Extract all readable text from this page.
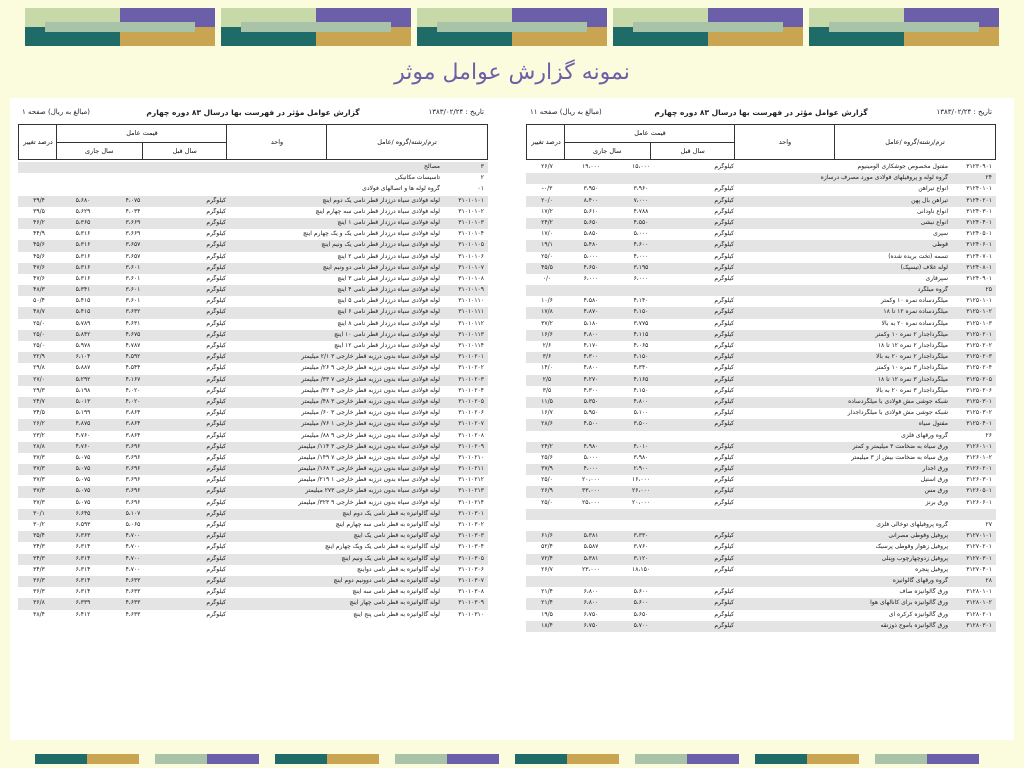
نمونه گزارش عوامل موثر
تاریخ : ۱۳۸۳/۰۲/۲۴
گزارش عوامل مؤثر در فهرست بها درسال ۸۳ دوره چهارم
(مبالغ به ریال) صفحه ۱
ترم/رشته/گروه /عامل
واحد
قیمت عامل
سال قبل
سال جاری
درصد تغییر
۳
مصالح
۲
تاسیسات مکانیکی
۰۱
گروه لوله ها و اتصالهای فولادی
۳۱۰۱۰۱۰۱
لوله فولادی سیاه درزدار قطر نامی یک دوم اینچ
کیلوگرم
۴،۰۷۵
۵،۶۸۰
۳۹/۴
۳۱۰۱۰۱۰۲
لوله فولادی سیاه درزدار قطر نامی سه چهارم اینچ
کیلوگرم
۴،۰۳۴
۵،۶۲۹
۳۹/۵
۳۱۰۱۰۱۰۳
لوله فولادی سیاه درزدار قطر نامی ۱ اینچ
کیلوگرم
۳،۶۶۹
۵،۳۶۵
۴۶/۲
۳۱۰۱۰۱۰۴
لوله فولادی سیاه درزدار قطر نامی یک و یک چهارم اینچ
کیلوگرم
۳،۶۶۹
۵،۳۱۶
۴۴/۹
۳۱۰۱۰۱۰۵
لوله فولادی سیاه درزدار قطر نامی یک ونیم اینچ
کیلوگرم
۳،۶۵۷
۵،۳۱۶
۴۵/۶
۳۱۰۱۰۱۰۶
لوله فولادی سیاه درزدار قطر نامی ۲ اینچ
کیلوگرم
۳،۶۵۷
۵،۳۱۶
۴۵/۶
۳۱۰۱۰۱۰۷
لوله فولادی سیاه درزدار قطر نامی دو ونیم اینچ
کیلوگرم
۳،۶۰۱
۵،۳۱۶
۴۷/۶
۳۱۰۱۰۱۰۸
لوله فولادی سیاه درزدار قطر نامی ۳ اینچ
کیلوگرم
۳،۶۰۱
۵،۳۱۶
۴۷/۶
۳۱۰۱۰۱۰۹
لوله فولادی سیاه درزدار قطر نامی ۴ اینچ
کیلوگرم
۳،۶۰۱
۵،۳۴۱
۴۸/۳
۳۱۰۱۰۱۱۰
لوله فولادی سیاه درزدار قطر نامی ۵ اینچ
کیلوگرم
۳،۶۰۱
۵،۴۱۵
۵۰/۴
۳۱۰۱۰۱۱۱
لوله فولادی سیاه درزدار قطر نامی ۶ اینچ
کیلوگرم
۳،۶۳۲
۵،۴۱۵
۴۸/۷
۳۱۰۱۰۱۱۲
لوله فولادی سیاه درزدار قطر نامی ۸ اینچ
کیلوگرم
۴،۶۳۱
۵،۷۸۹
۲۵/۰
۳۱۰۱۰۱۱۳
لوله فولادی سیاه درزدار قطر نامی ۱۰ اینچ
کیلوگرم
۴،۶۷۵
۵،۸۴۲
۲۵/۰
۳۱۰۱۰۱۱۴
لوله فولادی سیاه درزدار قطر نامی ۱۲ اینچ
کیلوگرم
۴،۷۸۷
۵،۹۷۸
۲۵/۰
۳۱۰۱۰۲۰۱
لوله فولادی سیاه بدون درزبه قطر خارجی ۳ ۲/۱ میلیمتر
کیلوگرم
۴،۵۹۲
۶،۱۰۴
۳۲/۹
۳۱۰۱۰۲۰۲
لوله فولادی سیاه بدون درزبه قطر خارجی ۹ ۲۶/ میلیمتر
کیلوگرم
۴،۵۴۴
۵،۸۸۷
۲۹/۸
۳۱۰۱۰۲۰۳
لوله فولادی سیاه بدون درزبه قطر خارجی ۷ ۳۳/ میلیمتر
کیلوگرم
۴،۱۶۷
۵،۲۹۲
۲۷/۰
۳۱۰۱۰۲۰۴
لوله فولادی سیاه بدون درزبه قطر خارجی ۴ ۴۲/ میلیمتر
کیلوگرم
۴،۰۲۰
۵،۱۹۸
۲۹/۳
۳۱۰۱۰۲۰۵
لوله فولادی سیاه بدون درزبه قطر خارجی ۳ ۴۸/ میلیمتر
کیلوگرم
۴،۰۲۰
۵،۰۱۳
۲۴/۷
۳۱۰۱۰۲۰۶
لوله فولادی سیاه بدون درزبه قطر خارجی ۳ ۶۰/ میلیمتر
کیلوگرم
۳،۸۶۴
۵،۱۹۹
۳۴/۵
۳۱۰۱۰۲۰۷
لوله فولادی سیاه بدون درزبه قطر خارجی ۱ ۷۶/ میلیمتر
کیلوگرم
۳،۸۶۴
۴،۸۷۵
۲۶/۲
۳۱۰۱۰۲۰۸
لوله فولادی سیاه بدون درزبه قطر خارجی ۹ ۸۸/ میلیمتر
کیلوگرم
۳،۸۶۴
۴،۷۶۰
۲۳/۲
۳۱۰۱۰۲۰۹
لوله فولادی سیاه بدون درزبه قطر خارجی ۳ ۱۱۴/ میلیمتر
کیلوگرم
۳،۶۹۶
۴،۷۶۰
۲۸/۸
۳۱۰۱۰۲۱۰
لوله فولادی سیاه بدون درزبه قطر خارجی ۷ ۱۴۹/ میلیمتر
کیلوگرم
۳،۶۹۶
۵،۰۷۵
۳۷/۳
۳۱۰۱۰۲۱۱
لوله فولادی سیاه بدون درزبه قطر خارجی ۳ ۱۶۸/ میلیمتر
کیلوگرم
۳،۶۹۶
۵،۰۷۵
۳۷/۳
۳۱۰۱۰۲۱۲
لوله فولادی سیاه بدون درزبه قطر خارجی ۱ ۲۱۹/ میلیمتر
کیلوگرم
۳،۶۹۶
۵،۰۷۵
۳۷/۳
۳۱۰۱۰۲۱۳
لوله فولادی سیاه بدون درزبه قطر خارجی ۲۷۳ میلیمتر
کیلوگرم
۳،۶۹۶
۵،۰۷۵
۳۷/۳
۳۱۰۱۰۲۱۴
لوله فولادی سیاه بدون درزبه قطر خارجی ۹ ۳۲۳/ میلیمتر
کیلوگرم
۳،۶۹۶
۵،۰۷۵
۳۷/۳
۳۱۰۱۰۳۰۱
لوله گالوانیزه به قطر نامی یک دوم اینچ
کیلوگرم
۵،۱۰۷
۶،۶۴۵
۳۰/۱
۳۱۰۱۰۳۰۲
لوله گالوانیزه به قطر نامی سه چهارم اینچ
کیلوگرم
۵،۰۶۵
۶،۵۹۳
۳۰/۲
۳۱۰۱۰۳۰۳
لوله گالوانیزه به قطر نامی یک اینچ
کیلوگرم
۴،۷۰۰
۶،۳۶۳
۳۵/۴
۳۱۰۱۰۳۰۴
لوله گالوانیزه به قطر نامی یک ویک چهارم اینچ
کیلوگرم
۴،۷۰۰
۶،۳۱۴
۳۴/۳
۳۱۰۱۰۳۰۵
لوله گالوانیزه به قطر نامی یک ونیم اینچ
کیلوگرم
۴،۷۰۰
۶،۳۱۴
۳۴/۳
۳۱۰۱۰۳۰۶
لوله گالوانیزه به قطر نامی دواینچ
کیلوگرم
۴،۷۰۰
۶،۳۱۴
۳۴/۳
۳۱۰۱۰۳۰۷
لوله گالوانیزه به قطر نامی دوونیم دوم اینچ
کیلوگرم
۴،۶۳۳
۶،۳۱۴
۳۶/۳
۳۱۰۱۰۳۰۸
لوله گالوانیزه به قطر نامی سه اینچ
کیلوگرم
۴،۶۳۳
۶،۳۱۴
۳۶/۳
۳۱۰۱۰۳۰۹
لوله گالوانیزه به قطر نامی چهار اینچ
کیلوگرم
۴،۶۳۳
۶،۳۳۹
۳۶/۸
۳۱۰۱۰۳۱۰
لوله گالوانیزه به قطر نامی پنج اینچ
کیلوگرم
۴،۶۳۳
۶،۴۱۲
۳۸/۴
تاریخ : ۱۳۸۳/۰۲/۲۴
گزارش عوامل مؤثر در فهرست بها درسال ۸۳ دوره چهارم
(مبالغ به ریال) صفحه ۱۱
ترم/رشته/گروه /عامل
واحد
قیمت عامل
سال قبل
سال جاری
درصد تغییر
۳۱۲۳۰۹۰۱
مفتول مخصوص جوشکاری آلومینیوم
کیلوگرم
۱۵،۰۰۰
۱۹،۰۰۰
۲۶/۷
۲۴
گروه لوله و پروفیلهای فولادی مورد مصرف درسازه
۳۱۲۴۰۱۰۱
انواع تیرآهن
کیلوگرم
۳،۹۶۰
۳،۹۵۰
۰/۳-
۳۱۲۴۰۲۰۱
تیرآهن بال پهن
کیلوگرم
۷،۰۰۰
۸،۴۰۰
۲۰/۰
۳۱۲۴۰۳۰۱
انواع ناودانی
کیلوگرم
۴،۷۸۸
۵،۶۱۰
۱۷/۲
۳۱۲۴۰۴۰۱
انواع نبشی
کیلوگرم
۴،۵۵۰
۵،۶۵۰
۲۴/۲
۳۱۲۴۰۵۰۱
سپری
کیلوگرم
۵،۰۰۰
۵،۸۵۰
۱۷/۰
۳۱۲۴۰۶۰۱
قوطی
کیلوگرم
۴،۶۰۰
۵،۴۸۰
۱۹/۱
۳۱۲۴۰۷۰۱
تسمه (تخت بریده شده)
کیلوگرم
۴،۰۰۰
۵،۰۰۰
۲۵/۰
۳۱۲۴۰۸۰۱
لوله غلاف (تیسپک)
کیلوگرم
۳،۱۹۵
۴،۶۵۰
۴۵/۵
۳۱۲۴۰۹۰۱
سپرقاری
کیلوگرم
۶،۰۰۰
۶،۰۰۰
۰/۰
۲۵
گروه میلگرد
۳۱۲۵۰۱۰۱
میلگردساده نمره ۱۰ وکمتر
کیلوگرم
۴،۱۴۰
۴،۵۸۰
۱۰/۶
۳۱۲۵۰۱۰۲
میلگردساده نمره ۱۲ تا ۱۸
کیلوگرم
۴،۱۵۰
۴،۸۷۰
۱۷/۸
۳۱۲۵۰۱۰۳
میلگردساده نمره ۲۰ به بالا
کیلوگرم
۳،۷۷۵
۵،۱۸۰
۳۷/۲
۳۱۲۵۰۲۰۱
میلگردآجدار ۲ نمره ۱۰ وکمتر
کیلوگرم
۴،۱۱۵
۴،۸۰۰
۱۶/۶
۳۱۲۵۰۲۰۲
میلگردآجدار ۲ نمره ۱۲ تا ۱۸
کیلوگرم
۴،۰۶۵
۴،۱۷۰
۲/۶
۳۱۲۵۰۲۰۳
میلگردآجدار ۲ نمره ۲۰ به بالا
کیلوگرم
۴،۱۵۰
۴،۳۰۰
۳/۶
۳۱۲۵۰۲۰۴
میلگردآجدار ۳ نمره ۱۰ وکمتر
کیلوگرم
۴،۳۴۰
۴،۸۰۰
۱۴/۰
۳۱۲۵۰۲۰۵
میلگردآجدار ۳ نمره ۱۲ تا ۱۸
کیلوگرم
۴،۱۶۵
۴،۲۷۰
۲/۵
۳۱۲۵۰۲۰۶
میلگردآجدار ۳ نمره ۲۰ به بالا
کیلوگرم
۴،۱۵۰
۴،۳۰۰
۳/۵
۳۱۲۵۰۳۰۱
شبکه جوشی مش فولادی با میلگردساده
کیلوگرم
۴،۸۰۰
۵،۳۵۰
۱۱/۵
۳۱۲۵۰۳۰۲
شبکه جوشی مش فولادی با میلگردآجدار
کیلوگرم
۵،۱۰۰
۵،۹۵۰
۱۶/۷
۳۱۲۵۰۴۰۱
مفتول سیاه
کیلوگرم
۳،۵۰۰
۴،۵۰۰
۲۸/۶
۲۶
گروه ورقهای فلزی
۳۱۲۶۰۱۰۱
ورق سیاه به ضخامت ۳ میلیمتر و کمتر
کیلوگرم
۴،۰۱۰
۴،۹۸۰
۲۴/۲
۳۱۲۶۰۱۰۲
ورق سیاه به ضخامت بیش از ۳ میلیمتر
کیلوگرم
۳،۹۸۰
۵،۰۰۰
۲۵/۶
۳۱۲۶۰۲۰۱
ورق آجدار
کیلوگرم
۲،۹۰۰
۴،۰۰۰
۳۷/۹
۳۱۲۶۰۳۰۱
ورق استیل
کیلوگرم
۱۶،۰۰۰
۲۰،۰۰۰
۲۵/۰
۳۱۲۶۰۵۰۱
ورق مس
کیلوگرم
۲۶،۰۰۰
۳۳،۰۰۰
۲۶/۹
۳۱۲۶۰۶۰۱
ورق برنز
کیلوگرم
۲۰،۰۰۰
۲۵،۰۰۰
۲۵/۰
۲۷
گروه پروفیلهای توخالی فلزی
۳۱۲۷۰۱۰۱
پروفیل وقوطی مصرانی
کیلوگرم
۳،۳۳۰
۵،۳۸۱
۶۱/۶
۳۱۲۷۰۲۰۱
پروفیل زهوار وقوطی پرسیک
کیلوگرم
۳،۷۶۰
۵،۵۸۷
۵۲/۴
۳۱۲۷۰۳۰۱
پروفیل زدوچهارچوب وپنلی
کیلوگرم
۳،۱۲۰
۵،۳۸۱
۷۲/۴
۳۱۲۷۰۴۰۱
پروفیل پنجره
کیلوگرم
۱۸،۱۵۰
۲۳،۰۰۰
۲۶/۷
۲۸
گروه ورقهای گالوانیزه
۳۱۲۸۰۱۰۱
ورق گالوانیزه صاف
کیلوگرم
۵،۶۰۰
۶،۸۰۰
۲۱/۴
۳۱۲۸۰۱۰۲
ورق گالوانیزه برای کانالهای هوا
کیلوگرم
۵،۶۰۰
۶،۸۰۰
۲۱/۴
۳۱۲۸۰۲۰۱
ورق گالوانیزه کرکره ای
کیلوگرم
۵،۶۵۰
۶،۷۵۰
۱۹/۵
۳۱۲۸۰۳۰۱
ورق گالوانیزه باموج ذوزنقه
کیلوگرم
۵،۷۰۰
۶،۷۵۰
۱۸/۴
